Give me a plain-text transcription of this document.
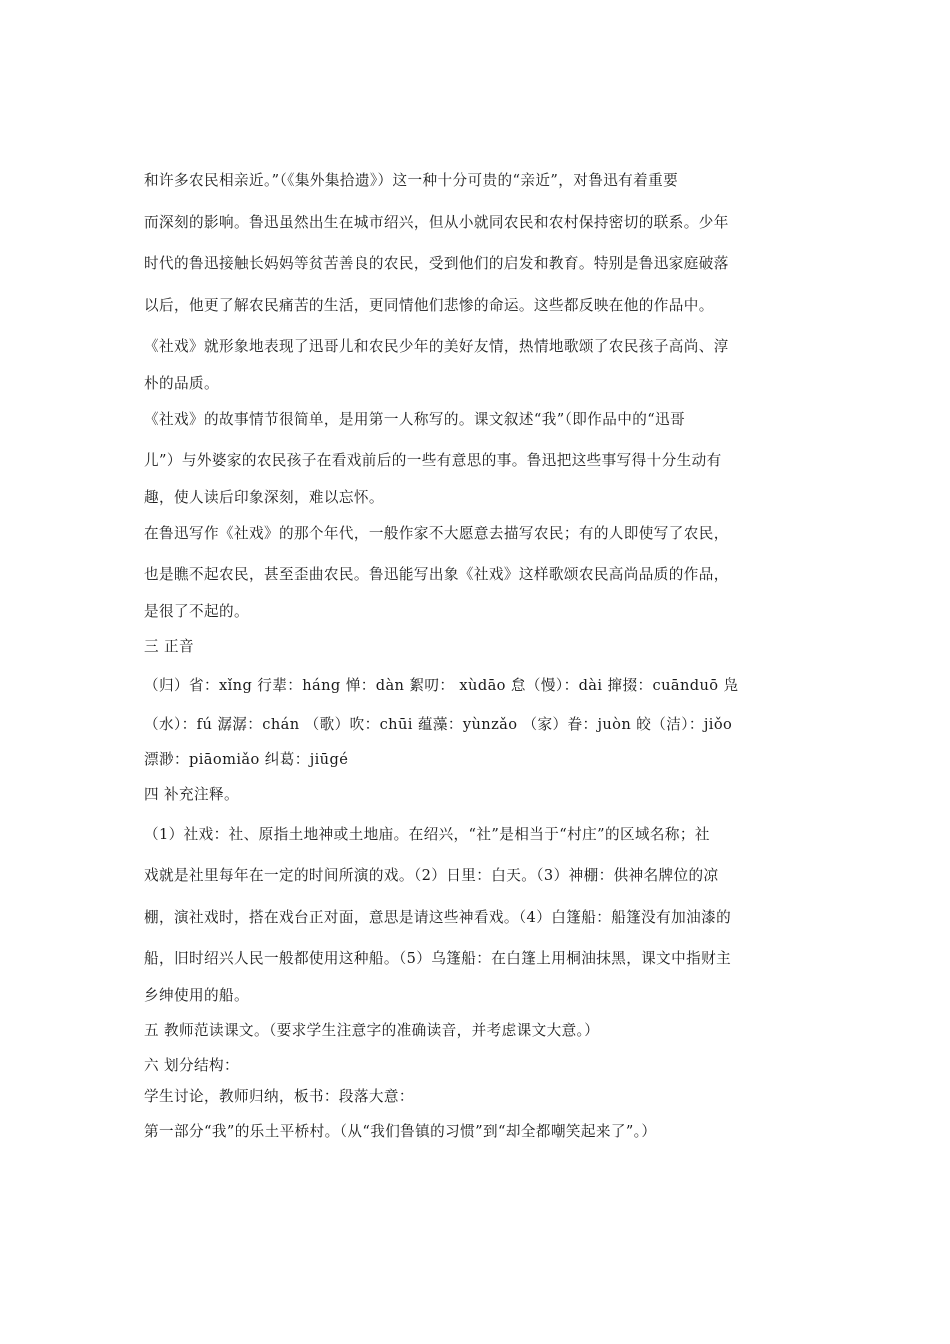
和许多农民相亲近。”（《集外集拾遗》）这一种十分可贵的“亲近”，对鲁迅有着重要
而深刻的影响。鲁迅虽然出生在城市绍兴，但从小就同农民和农村保持密切的联系。少年
时代的鲁迅接触长妈妈等贫苦善良的农民，受到他们的启发和教育。特别是鲁迅家庭破落
以后，他更了解农民痛苦的生活，更同情他们悲惨的命运。这些都反映在他的作品中。
《社戏》就形象地表现了迅哥儿和农民少年的美好友情，热情地歌颂了农民孩子高尚、淳
朴的品质。
《社戏》的故事情节很简单，是用第一人称写的。课文叙述“我”（即作品中的“迅哥
儿”）与外婆家的农民孩子在看戏前后的一些有意思的事。鲁迅把这些事写得十分生动有
趣，使人读后印象深刻，难以忘怀。
在鲁迅写作《社戏》的那个年代，一般作家不大愿意去描写农民；有的人即使写了农民，
也是瞧不起农民，甚至歪曲农民。鲁迅能写出象《社戏》这样歌颂农民高尚品质的作品，
是很了不起的。
三 正音
（归）省：xǐng 行辈：háng 惮：dàn 絮叨： xùdāo 怠（慢）：dài 撺掇：cuānduō 凫
（水）：fú 潺潺：chán （歌）吹：chūi 蕴藻：yùnzǎo （家）眷：juòn 皎（洁）：jiǒo
漂渺：piāomiǎo 纠葛：jiūgé
四 补充注释。
（1）社戏：社、原指土地神或土地庙。在绍兴，“社”是相当于“村庄”的区域名称；社
戏就是社里每年在一定的时间所演的戏。（2）日里：白天。（3）神棚：供神名牌位的凉
棚，演社戏时，搭在戏台正对面，意思是请这些神看戏。（4）白篷船：船篷没有加油漆的
船，旧时绍兴人民一般都使用这种船。（5）乌篷船：在白篷上用桐油抹黑，课文中指财主
乡绅使用的船。
五 教师范读课文。（要求学生注意字的准确读音，并考虑课文大意。）
六 划分结构：
学生讨论，教师归纳，板书：段落大意：
第一部分“我”的乐土平桥村。（从“我们鲁镇的习惯”到“却全都嘲笑起来了”。）
